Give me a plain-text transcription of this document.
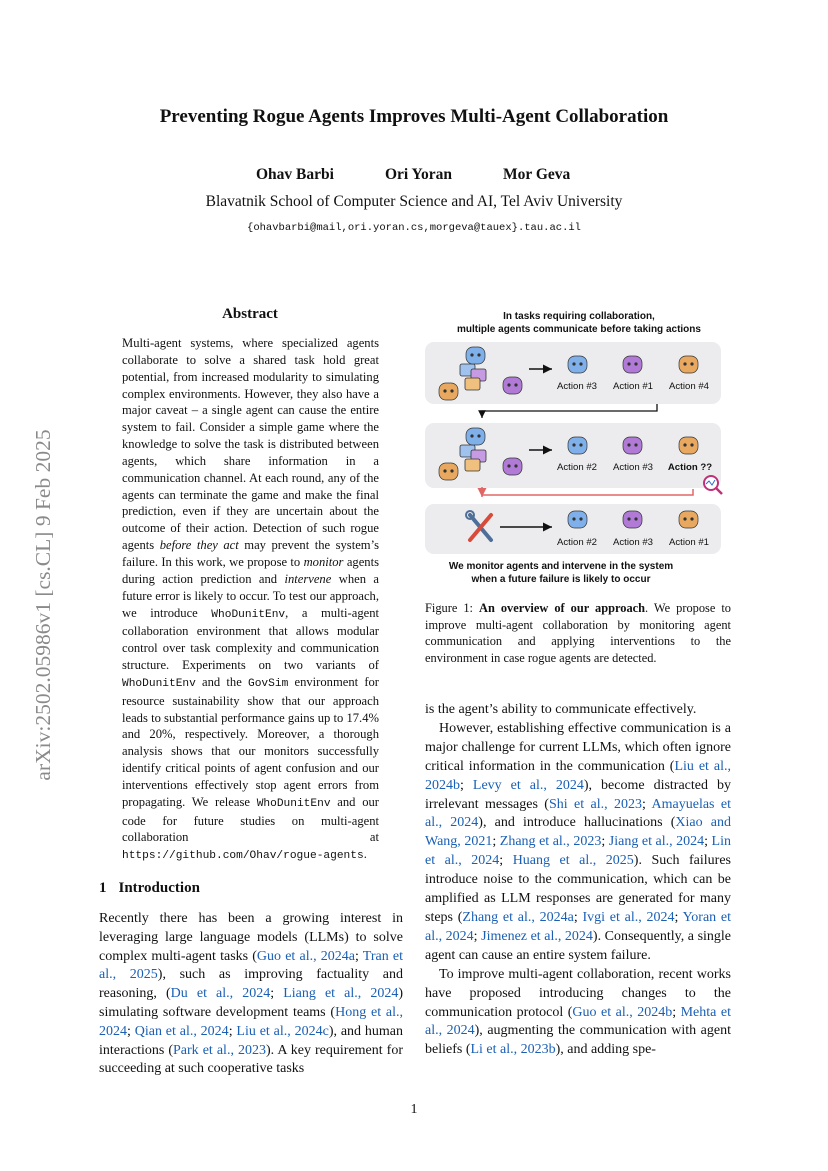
arXiv:2502.05986v1 [cs.CL] 9 Feb 2025
Preventing Rogue Agents Improves Multi-Agent Collaboration
Ohav Barbi	Ori Yoran	Mor Geva
Blavatnik School of Computer Science and AI, Tel Aviv University
{ohavbarbi@mail,ori.yoran.cs,morgeva@tauex}.tau.ac.il
Abstract
Multi-agent systems, where specialized agents collaborate to solve a shared task hold great potential, from increased modularity to simulating complex environments. However, they also have a major caveat – a single agent can cause the entire system to fail. Consider a simple game where the knowledge to solve the task is distributed between agents, which share information in a communication channel. At each round, any of the agents can terminate the game and make the final prediction, even if they are uncertain about the outcome of their action. Detection of such rogue agents before they act may prevent the system’s failure. In this work, we propose to monitor agents during action prediction and intervene when a future error is likely to occur. To test our approach, we introduce WhoDunitEnv, a multi-agent collaboration environment that allows modular control over task complexity and communication structure. Experiments on two variants of WhoDunitEnv and the GovSim environment for resource sustainability show that our approach leads to substantial performance gains up to 17.4% and 20%, respectively. Moreover, a thorough analysis shows that our monitors successfully identify critical points of agent confusion and our interventions effectively stop agent errors from propagating. We release WhoDunitEnv and our code for future studies on multi-agent collaboration at https://github.com/Ohav/rogue-agents.
1 Introduction
Recently there has been a growing interest in leveraging large language models (LLMs) to solve complex multi-agent tasks (Guo et al., 2024a; Tran et al., 2025), such as improving factuality and reasoning, (Du et al., 2024; Liang et al., 2024) simulating software development teams (Hong et al., 2024; Qian et al., 2024; Liu et al., 2024c), and human interactions (Park et al., 2023). A key requirement for succeeding at such cooperative tasks
In tasks requiring collaboration,
multiple agents communicate before taking actions
Action #3 Action #1 Action #4
Action #2 Action #3 Action ??
Action #2 Action #3 Action #1
We monitor agents and intervene in the system
when a future failure is likely to occur
Figure 1: An overview of our approach. We propose to improve multi-agent collaboration by monitoring agent communication and applying interventions to the environment in case rogue agents are detected.

is the agent’s ability to communicate effectively.

However, establishing effective communication is a major challenge for current LLMs, which often ignore critical information in the communication (Liu et al., 2024b; Levy et al., 2024), become distracted by irrelevant messages (Shi et al., 2023; Amayuelas et al., 2024), and introduce hallucinations (Xiao and Wang, 2021; Zhang et al., 2023; Jiang et al., 2024; Lin et al., 2024; Huang et al., 2025). Such failures introduce noise to the communication, which can be amplified as LLM responses are generated for many steps (Zhang et al., 2024a; Ivgi et al., 2024; Yoran et al., 2024; Jimenez et al., 2024). Consequently, a single agent can cause an entire system failure.

To improve multi-agent collaboration, recent works have proposed introducing changes to the communication protocol (Guo et al., 2024b; Mehta et al., 2024), augmenting the communication with agent beliefs (Li et al., 2023b), and adding spe-

1
